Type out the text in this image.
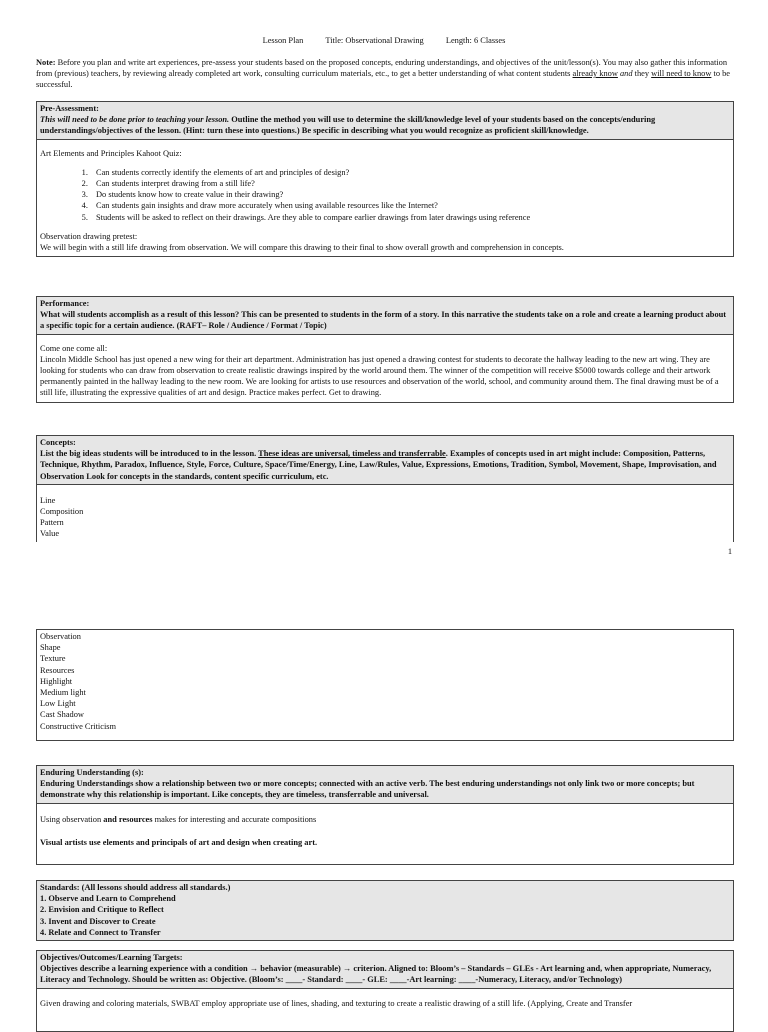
Lesson Plan	Title: Observational Drawing	Length: 6 Classes
Note: Before you plan and write art experiences, pre-assess your students based on the proposed concepts, enduring understandings, and objectives of the unit/lesson(s). You may also gather this information from (previous) teachers, by reviewing already completed art work, consulting curriculum materials, etc., to get a better understanding of what content students already know and they will need to know to be successful.
Pre-Assessment:
This will need to be done prior to teaching your lesson. Outline the method you will use to determine the skill/knowledge level of your students based on the concepts/enduring understandings/objectives of the lesson. (Hint: turn these into questions.) Be specific in describing what you would recognize as proficient skill/knowledge.
Art Elements and Principles Kahoot Quiz:
1. Can students correctly identify the elements of art and principles of design?
2. Can students interpret drawing from a still life?
3. Do students know how to create value in their drawing?
4. Can students gain insights and draw more accurately when using available resources like the Internet?
5. Students will be asked to reflect on their drawings. Are they able to compare earlier drawings from later drawings using reference
Observation drawing pretest:
We will begin with a still life drawing from observation. We will compare this drawing to their final to show overall growth and comprehension in concepts.
Performance:
What will students accomplish as a result of this lesson? This can be presented to students in the form of a story. In this narrative the students take on a role and create a learning product about a specific topic for a certain audience. (RAFT– Role / Audience / Format / Topic)
Come one come all:
Lincoln Middle School has just opened a new wing for their art department. Administration has just opened a drawing contest for students to decorate the hallway leading to the new art wing. They are looking for students who can draw from observation to create realistic drawings inspired by the world around them. The winner of the competition will receive $5000 towards college and their artwork permanently painted in the hallway leading to the new room. We are looking for artists to use resources and observation of the world, school, and community around them. The final drawing must be of a still life, illustrating the expressive qualities of art and design. Practice makes perfect. Get to drawing.
Concepts:
List the big ideas students will be introduced to in the lesson. These ideas are universal, timeless and transferrable. Examples of concepts used in art might include: Composition, Patterns, Technique, Rhythm, Paradox, Influence, Style, Force, Culture, Space/Time/Energy, Line, Law/Rules, Value, Expressions, Emotions, Tradition, Symbol, Movement, Shape, Improvisation, and Observation Look for concepts in the standards, content specific curriculum, etc.
Line
Composition
Pattern
Value
1
Observation
Shape
Texture
Resources
Highlight
Medium light
Low Light
Cast Shadow
Constructive Criticism
Enduring Understanding (s):
Enduring Understandings show a relationship between two or more concepts; connected with an active verb. The best enduring understandings not only link two or more concepts; but demonstrate why this relationship is important. Like concepts, they are timeless, transferrable and universal.
Using observation and resources makes for interesting and accurate compositions
Visual artists use elements and principals of art and design when creating art.
Standards: (All lessons should address all standards.)
1. Observe and Learn to Comprehend
2. Envision and Critique to Reflect
3. Invent and Discover to Create
4. Relate and Connect to Transfer
Objectives/Outcomes/Learning Targets:
Objectives describe a learning experience with a condition → behavior (measurable) → criterion. Aligned to: Bloom’s – Standards – GLEs - Art learning and, when appropriate, Numeracy, Literacy and Technology. Should be written as: Objective. (Bloom’s: ____- Standard: ____- GLE: ____-Art learning: ____-Numeracy, Literacy, and/or Technology)
Given drawing and coloring materials, SWBAT employ appropriate use of lines, shading, and texturing to create a realistic drawing of a still life. (Applying, Create and Transfer
